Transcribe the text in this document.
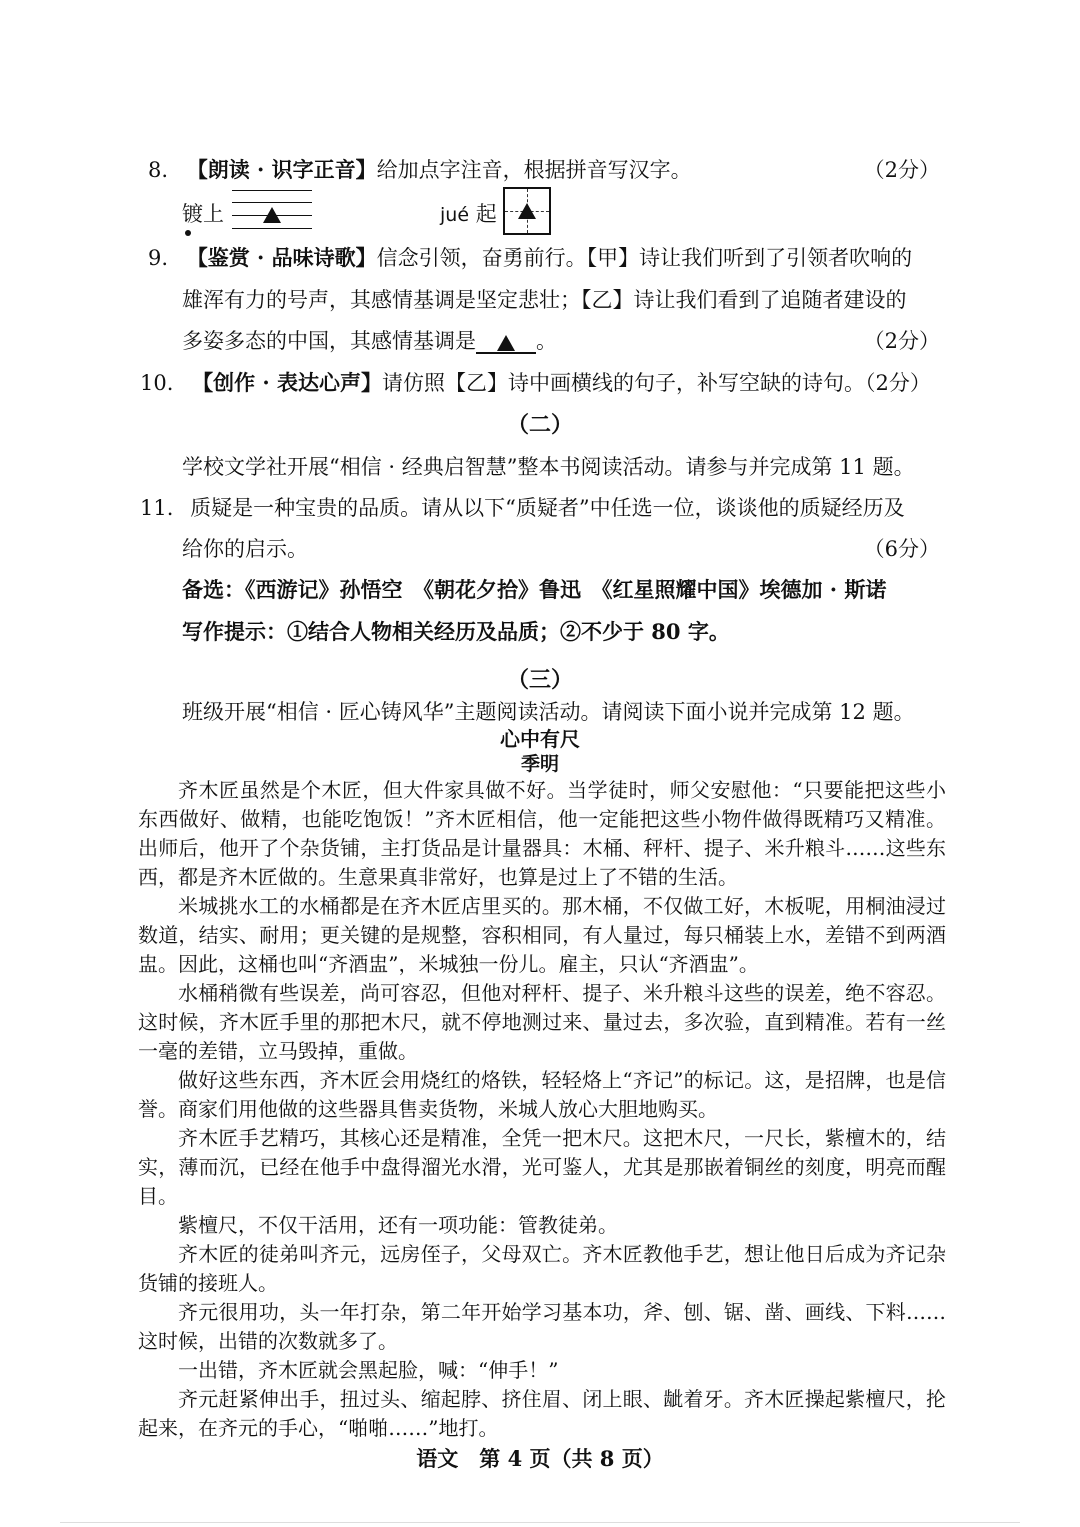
8. 【朗读 · 识字正音】给加点字注音，根据拼音写汉字。	（2分）
镀上	jué 起
9. 【鉴赏 · 品味诗歌】信念引领，奋勇前行。【甲】诗让我们听到了引领者吹响的
雄浑有力的号声，其感情基调是坚定悲壮；【乙】诗让我们看到了追随者建设的
多姿多态的中国，其感情基调是	。	（2分）
10. 【创作 · 表达心声】请仿照【乙】诗中画横线的句子，补写空缺的诗句。（2分）
（二）
学校文学社开展“相信 · 经典启智慧”整本书阅读活动。请参与并完成第 11 题。
11. 质疑是一种宝贵的品质。请从以下“质疑者”中任选一位，谈谈他的质疑经历及
给你的启示。	（6分）
备选：《西游记》孙悟空　《朝花夕拾》鲁迅　《红星照耀中国》埃德加 · 斯诺
写作提示：①结合人物相关经历及品质；②不少于 80 字。
（三）
班级开展“相信 · 匠心铸风华”主题阅读活动。请阅读下面小说并完成第 12 题。
心中有尺
季明

齐木匠虽然是个木匠，但大件家具做不好。当学徒时，师父安慰他：“只要能把这些小东西做好、做精，也能吃饱饭！”齐木匠相信，他一定能把这些小物件做得既精巧又精准。出师后，他开了个杂货铺，主打货品是计量器具：木桶、秤杆、提子、米升粮斗……这些东西，都是齐木匠做的。生意果真非常好，也算是过上了不错的生活。

米城挑水工的水桶都是在齐木匠店里买的。那木桶，不仅做工好，木板呢，用桐油浸过数道，结实、耐用；更关键的是规整，容积相同，有人量过，每只桶装上水，差错不到两酒盅。因此，这桶也叫“齐酒盅”，米城独一份儿。雇主，只认“齐酒盅”。

水桶稍微有些误差，尚可容忍，但他对秤杆、提子、米升粮斗这些的误差，绝不容忍。这时候，齐木匠手里的那把木尺，就不停地测过来、量过去，多次验，直到精准。若有一丝一毫的差错，立马毁掉，重做。

做好这些东西，齐木匠会用烧红的烙铁，轻轻烙上“齐记”的标记。这，是招牌，也是信誉。商家们用他做的这些器具售卖货物，米城人放心大胆地购买。

齐木匠手艺精巧，其核心还是精准，全凭一把木尺。这把木尺，一尺长，紫檀木的，结实，薄而沉，已经在他手中盘得溜光水滑，光可鉴人，尤其是那嵌着铜丝的刻度，明亮而醒目。

紫檀尺，不仅干活用，还有一项功能：管教徒弟。

齐木匠的徒弟叫齐元，远房侄子，父母双亡。齐木匠教他手艺，想让他日后成为齐记杂货铺的接班人。

齐元很用功，头一年打杂，第二年开始学习基本功，斧、刨、锯、凿、画线、下料……这时候，出错的次数就多了。

一出错，齐木匠就会黑起脸，喊：“伸手！”

齐元赶紧伸出手，扭过头、缩起脖、挤住眉、闭上眼、龇着牙。齐木匠操起紫檀尺，抡起来，在齐元的手心，“啪啪……”地打。

语文　第 4 页（共 8 页）
